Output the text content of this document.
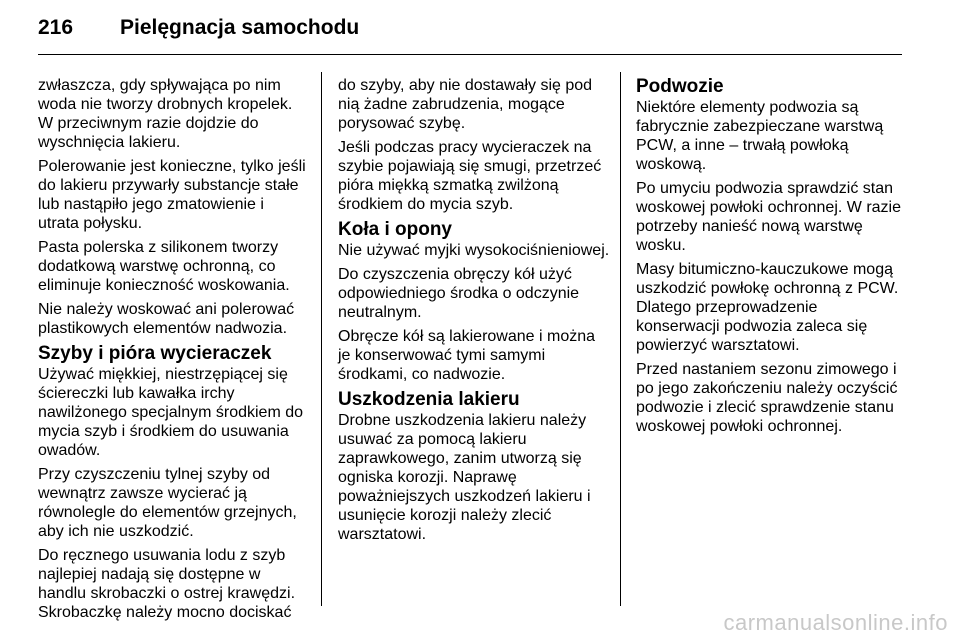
216 Pielęgnacja samochodu

zwłaszcza, gdy spływająca po nim woda nie tworzy drobnych kropelek. W przeciwnym razie dojdzie do wyschnięcia lakieru.

Polerowanie jest konieczne, tylko jeśli do lakieru przywarły substancje stałe lub nastąpiło jego zmatowienie i utrata połysku.

Pasta polerska z silikonem tworzy dodatkową warstwę ochronną, co eliminuje konieczność woskowania.

Nie należy woskować ani polerować plastikowych elementów nadwozia.

Szyby i pióra wycieraczek

Używać miękkiej, niestrzępiącej się ściereczki lub kawałka irchy nawilżonego specjalnym środkiem do mycia szyb i środkiem do usuwania owadów.

Przy czyszczeniu tylnej szyby od wewnątrz zawsze wycierać ją równolegle do elementów grzejnych, aby ich nie uszkodzić.

Do ręcznego usuwania lodu z szyb najlepiej nadają się dostępne w handlu skrobaczki o ostrej krawędzi. Skrobaczkę należy mocno dociskać

do szyby, aby nie dostawały się pod nią żadne zabrudzenia, mogące porysować szybę.

Jeśli podczas pracy wycieraczek na szybie pojawiają się smugi, przetrzeć pióra miękką szmatką zwilżoną środkiem do mycia szyb.

Koła i opony

Nie używać myjki wysokociśnieniowej.

Do czyszczenia obręczy kół użyć odpowiedniego środka o odczynie neutralnym.

Obręcze kół są lakierowane i można je konserwować tymi samymi środkami, co nadwozie.

Uszkodzenia lakieru

Drobne uszkodzenia lakieru należy usuwać za pomocą lakieru zaprawkowego, zanim utworzą się ogniska korozji. Naprawę poważniejszych uszkodzeń lakieru i usunięcie korozji należy zlecić warsztatowi.

Podwozie

Niektóre elementy podwozia są fabrycznie zabezpieczane warstwą PCW, a inne – trwałą powłoką woskową.

Po umyciu podwozia sprawdzić stan woskowej powłoki ochronnej. W razie potrzeby nanieść nową warstwę wosku.

Masy bitumiczno-kauczukowe mogą uszkodzić powłokę ochronną z PCW. Dlatego przeprowadzenie konserwacji podwozia zaleca się powierzyć warsztatowi.

Przed nastaniem sezonu zimowego i po jego zakończeniu należy oczyścić podwozie i zlecić sprawdzenie stanu woskowej powłoki ochronnej.

carmanualsonline.info
